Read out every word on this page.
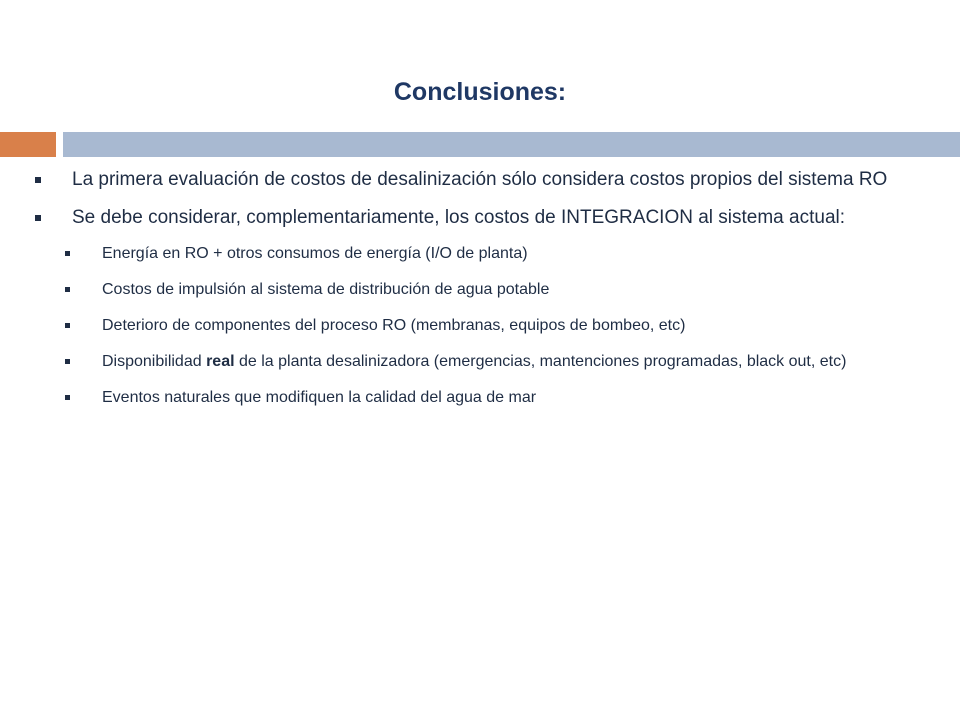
Conclusiones:
La primera evaluación de costos de desalinización sólo considera costos propios del sistema RO
Se debe considerar, complementariamente, los costos de INTEGRACION al sistema actual:
Energía en RO + otros consumos de energía (I/O de planta)
Costos de impulsión al sistema de distribución de agua potable
Deterioro de componentes del proceso RO (membranas, equipos de bombeo, etc)
Disponibilidad real de la planta desalinizadora (emergencias, mantenciones programadas, black out, etc)
Eventos naturales que modifiquen la calidad del agua de mar
